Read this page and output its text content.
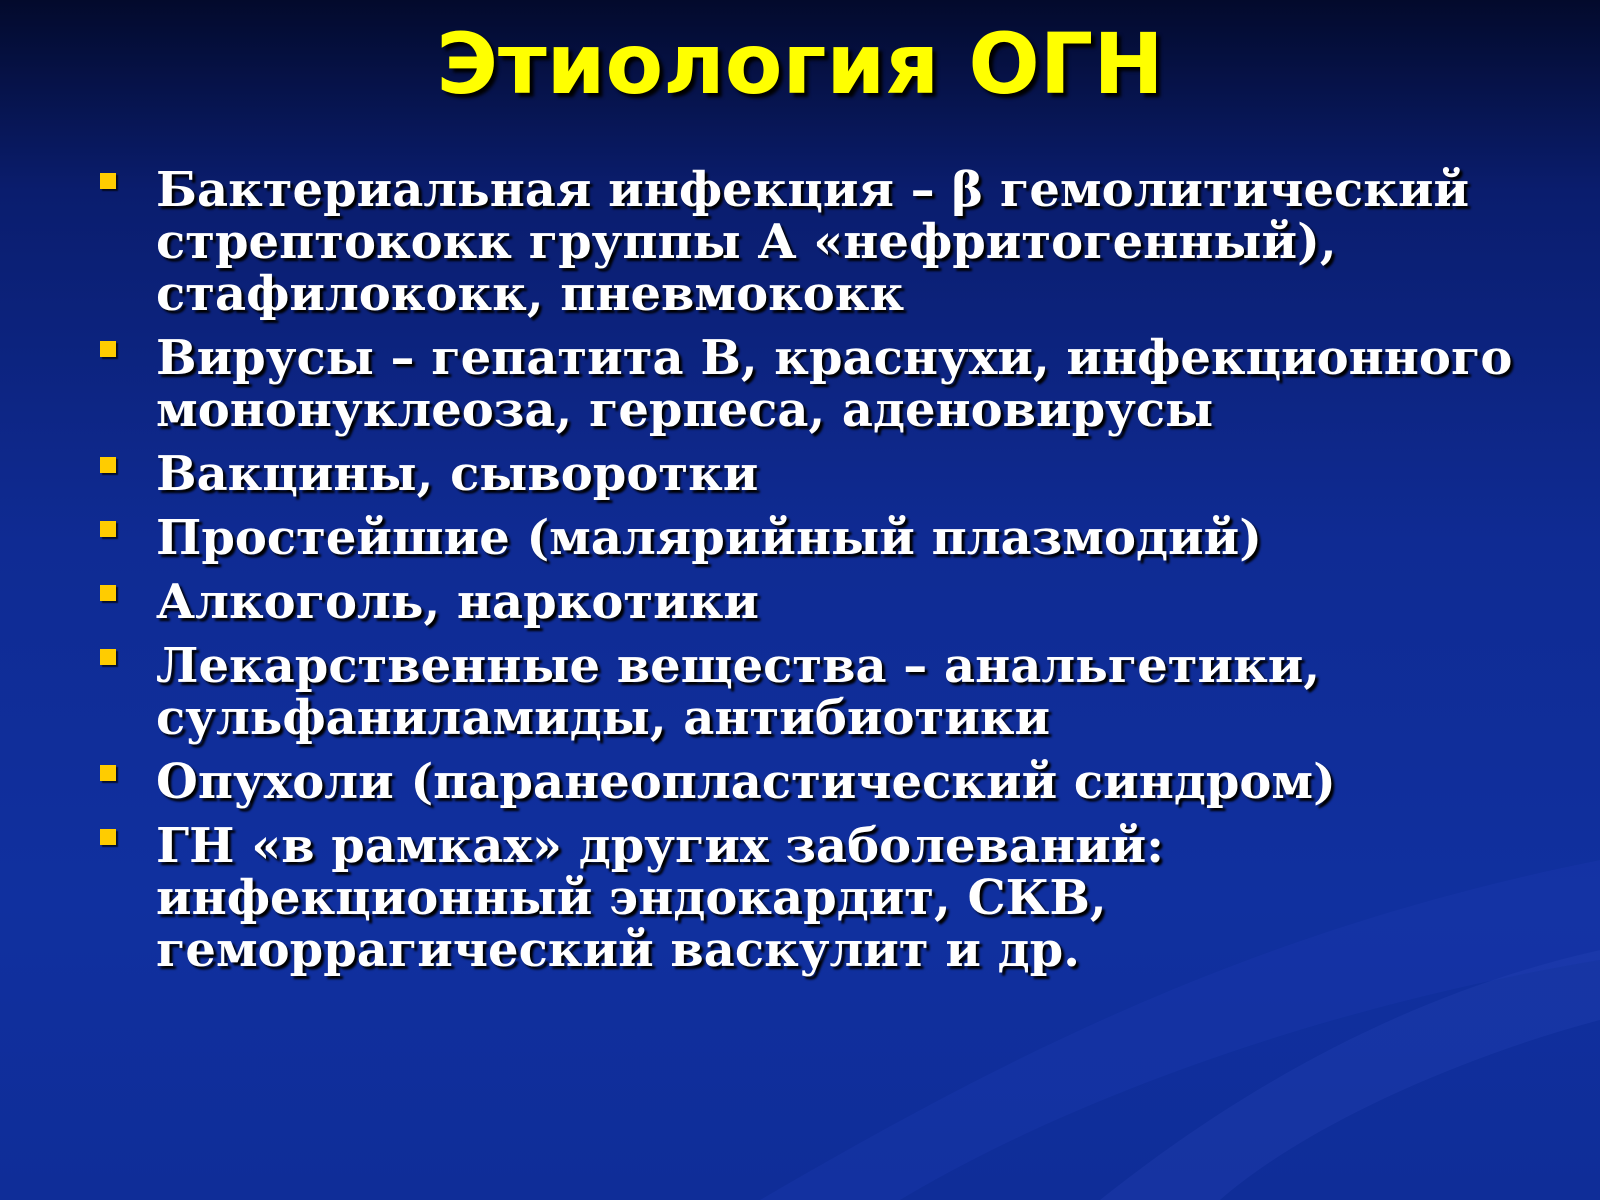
Этиология ОГН
Бактериальная инфекция – β гемолитический стрептококк группы А «нефритогенный), стафилококк, пневмококк
Вирусы – гепатита В, краснухи, инфекционного мононуклеоза, герпеса, аденовирусы
Вакцины, сыворотки
Простейшие (малярийный плазмодий)
Алкоголь, наркотики
Лекарственные вещества – анальгетики, сульфаниламиды, антибиотики
Опухоли (паранеопластический синдром)
ГН «в рамках» других заболеваний: инфекционный эндокардит, СКВ, геморрагический васкулит и др.
